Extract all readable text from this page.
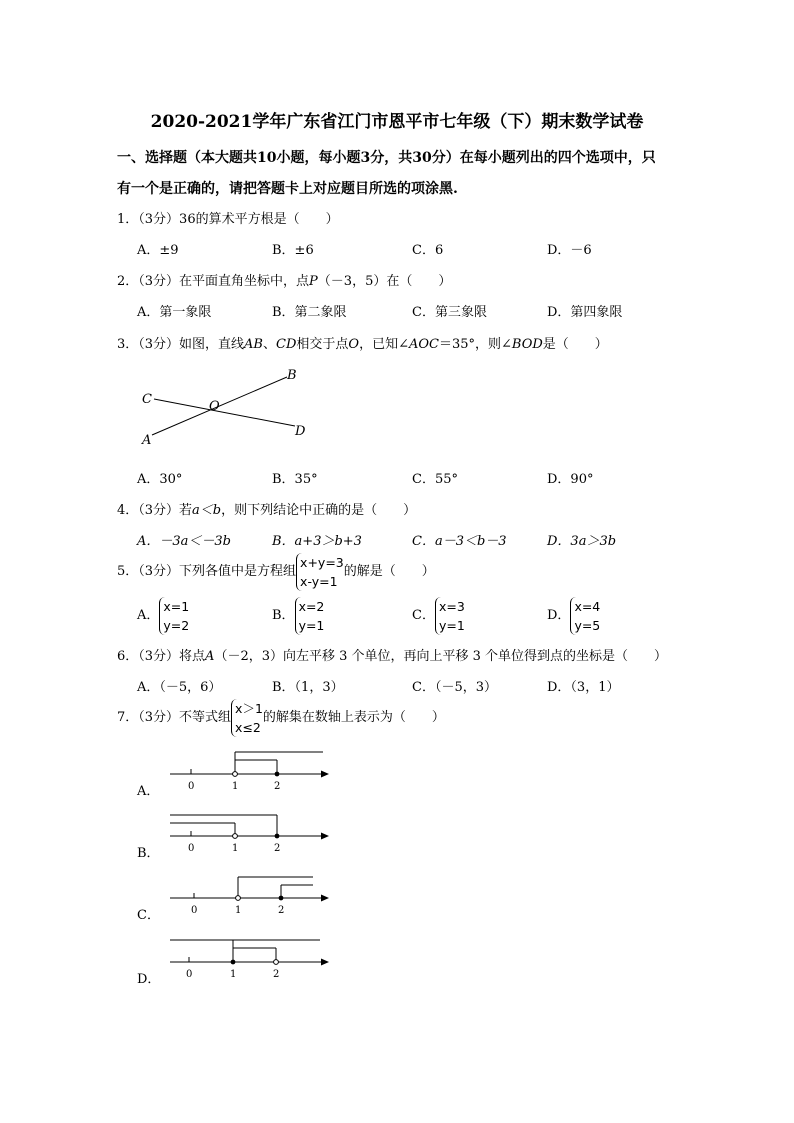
2020-2021学年广东省江门市恩平市七年级（下）期末数学试卷
一、选择题（本大题共10小题，每小题3分，共30分）在每小题列出的四个选项中，只
有一个是正确的，请把答题卡上对应题目所选的项涂黑.
1．（3分）36的算术平方根是（　　）
A．±9	B．±6	C．6	D．－6
2．（3分）在平面直角坐标中，点P（－3，5）在（　　）
A．第一象限	B．第二象限	C．第三象限	D．第四象限
3．（3分）如图，直线AB、CD相交于点O，已知∠AOC＝35°，则∠BOD是（　　）
A
B
C
D
O
A．30°	B．35°	C．55°	D．90°
4．（3分）若a＜b，则下列结论中正确的是（　　）
A．－3a＜－3b	B．a+3＞b+3	C．a－3＜b－3	D．3a＞3b
5．（3分）下列各值中是方程组x+y=3
x-y=1的解是（　　）
A．x=1
y=2
B．x=2
y=1
C．x=3
y=1
D．x=4
y=5
6．（3分）将点A（－2，3）向左平移 3 个单位，再向上平移 3 个单位得到点的坐标是（　　）
A．（－5，6）	B．（1，3）	C．（－5，3）	D．（3，1）
7．（3分）不等式组x＞1
x≤2的解集在数轴上表示为（　　）
A．	0	1	2
B．	0	1	2
C．	0	1	2
D．	0	1	2
